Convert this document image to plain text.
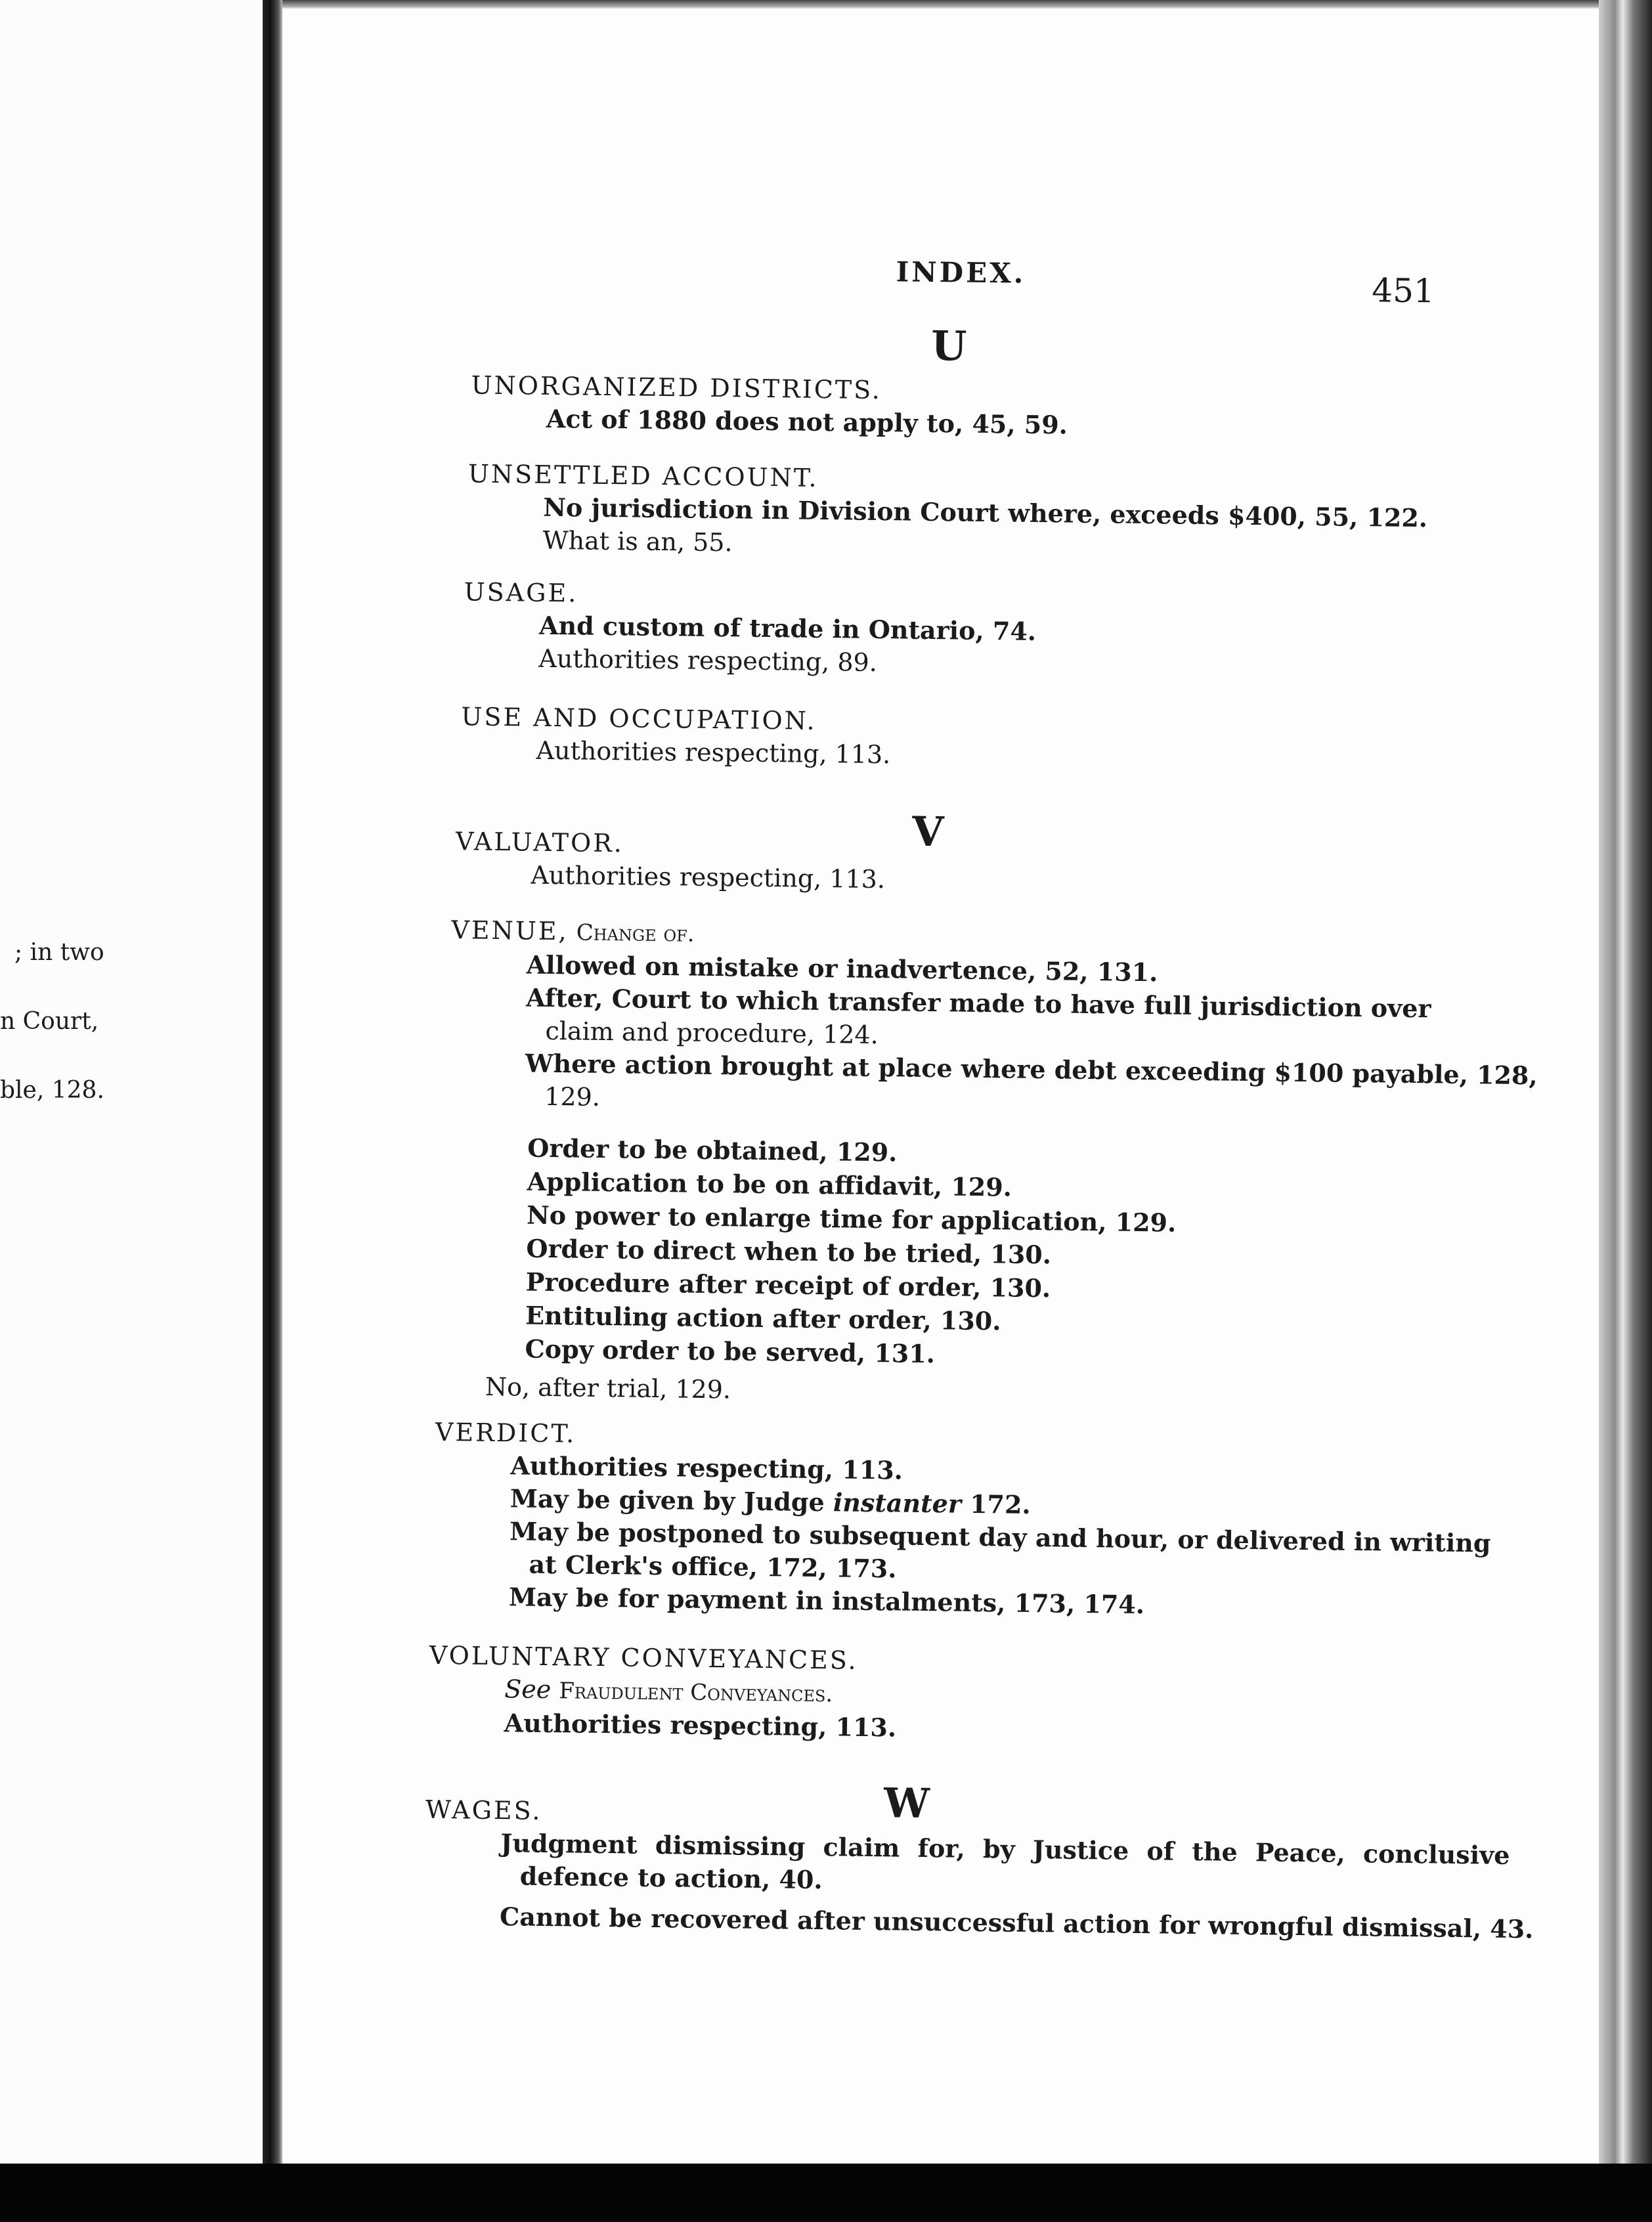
; in two
n Court,
ble, 128.
INDEX.	451
U
UNORGANIZED DISTRICTS.
Act of 1880 does not apply to, 45, 59.
UNSETTLED ACCOUNT.
No jurisdiction in Division Court where, exceeds $400, 55, 122.
What is an, 55.
USAGE.
And custom of trade in Ontario, 74.
Authorities respecting, 89.
USE AND OCCUPATION.
Authorities respecting, 113.
V
VALUATOR.
Authorities respecting, 113.
VENUE, Change of.
Allowed on mistake or inadvertence, 52, 131.
After, Court to which transfer made to have full jurisdiction over
claim and procedure, 124.
Where action brought at place where debt exceeding $100 payable, 128,
129.
Order to be obtained, 129.
Application to be on affidavit, 129.
No power to enlarge time for application, 129.
Order to direct when to be tried, 130.
Procedure after receipt of order, 130.
Entituling action after order, 130.
Copy order to be served, 131.
No, after trial, 129.
VERDICT.
Authorities respecting, 113.
May be given by Judge instanter 172.
May be postponed to subsequent day and hour, or delivered in writing
at Clerk's office, 172, 173.
May be for payment in instalments, 173, 174.
VOLUNTARY CONVEYANCES.
See Fraudulent Conveyances.
Authorities respecting, 113.
W
WAGES.
Judgment dismissing claim for, by Justice of the Peace, conclusive
defence to action, 40.
Cannot be recovered after unsuccessful action for wrongful dismissal, 43.
